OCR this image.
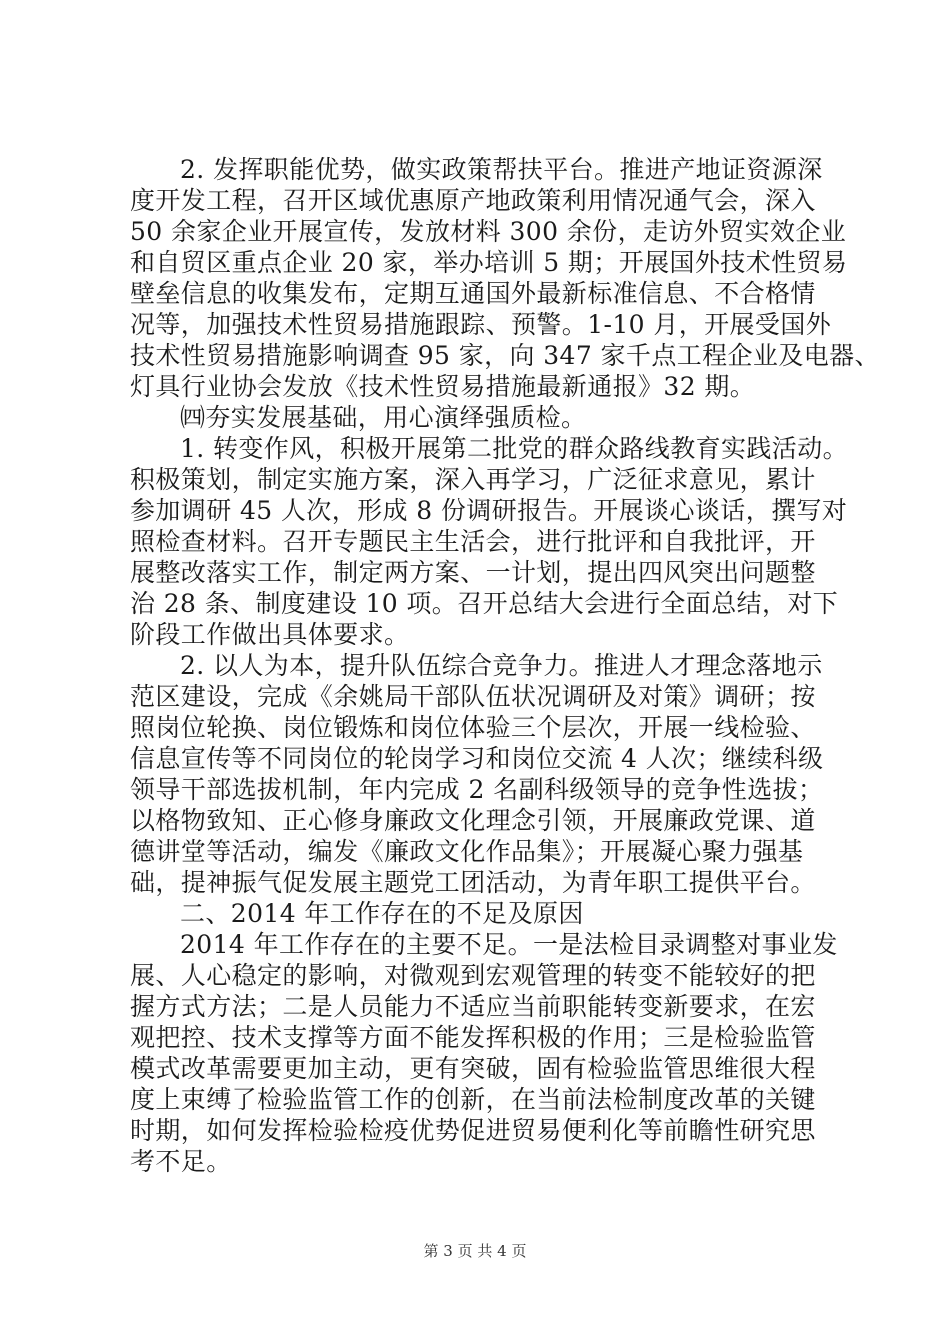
2. 发挥职能优势，做实政策帮扶平台。推进产地证资源深
度开发工程，召开区域优惠原产地政策利用情况通气会，深入
50 余家企业开展宣传，发放材料 300 余份，走访外贸实效企业
和自贸区重点企业 20 家，举办培训 5 期；开展国外技术性贸易
壁垒信息的收集发布，定期互通国外最新标准信息、不合格情
况等，加强技术性贸易措施跟踪、预警。1-10 月，开展受国外
技术性贸易措施影响调查 95 家，向 347 家千点工程企业及电器、
灯具行业协会发放《技术性贸易措施最新通报》32 期。
㈣夯实发展基础，用心演绎强质检。
1. 转变作风，积极开展第二批党的群众路线教育实践活动。
积极策划，制定实施方案，深入再学习，广泛征求意见，累计
参加调研 45 人次，形成 8 份调研报告。开展谈心谈话，撰写对
照检查材料。召开专题民主生活会，进行批评和自我批评，开
展整改落实工作，制定两方案、一计划，提出四风突出问题整
治 28 条、制度建设 10 项。召开总结大会进行全面总结，对下
阶段工作做出具体要求。
2. 以人为本，提升队伍综合竞争力。推进人才理念落地示
范区建设，完成《余姚局干部队伍状况调研及对策》调研；按
照岗位轮换、岗位锻炼和岗位体验三个层次，开展一线检验、
信息宣传等不同岗位的轮岗学习和岗位交流 4 人次；继续科级
领导干部选拔机制，年内完成 2 名副科级领导的竞争性选拔；
以格物致知、正心修身廉政文化理念引领，开展廉政党课、道
德讲堂等活动，编发《廉政文化作品集》；开展凝心聚力强基
础，提神振气促发展主题党工团活动，为青年职工提供平台。
二、2014 年工作存在的不足及原因
2014 年工作存在的主要不足。一是法检目录调整对事业发
展、人心稳定的影响，对微观到宏观管理的转变不能较好的把
握方式方法；二是人员能力不适应当前职能转变新要求，在宏
观把控、技术支撑等方面不能发挥积极的作用；三是检验监管
模式改革需要更加主动，更有突破，固有检验监管思维很大程
度上束缚了检验监管工作的创新，在当前法检制度改革的关键
时期，如何发挥检验检疫优势促进贸易便利化等前瞻性研究思
考不足。
第 3 页 共 4 页
